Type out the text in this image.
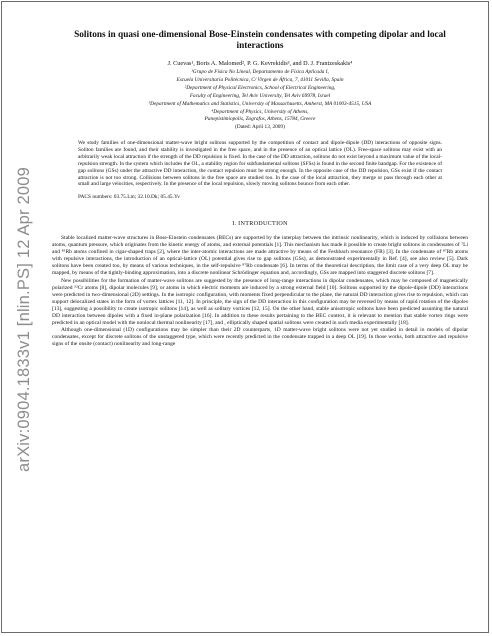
arXiv:0904.1833v1 [nlin.PS] 12 Apr 2009
Solitons in quasi one-dimensional Bose-Einstein condensates with competing dipolar and local interactions
J. Cuevas¹, Boris A. Malomed², P. G. Kevrekidis³, and D. J. Frantzeskakis⁴
¹Grupo de Física No Lineal, Departamento de Física Aplicada I,
Escuela Universitaria Politécnica, C/ Virgen de África, 7, 41011 Sevilla, Spain
²Department of Physical Electronics, School of Electrical Engineering,
Faculty of Engineering, Tel Aviv University, Tel Aviv 69978, Israel
³Department of Mathematics and Statistics, University of Massachusetts, Amherst, MA 01003-4515, USA
⁴Department of Physics, University of Athens,
Panepistimiopolis, Zografos, Athens, 15784, Greece
(Dated: April 13, 2009)
We study families of one-dimensional matter-wave bright solitons supported by the competition of contact and dipole-dipole (DD) interactions of opposite signs. Soliton families are found, and their stability is investigated in the free space, and in the presence of an optical lattice (OL). Free-space solitons may exist with an arbitrarily weak local attraction if the strength of the DD repulsion is fixed. In the case of the DD attraction, solitons do not exist beyond a maximum value of the local-repulsion strength. In the system which includes the OL, a stability region for subfundamental solitons (SFSs) is found in the second finite bandgap. For the existence of gap solitons (GSs) under the attractive DD interaction, the contact repulsion must be strong enough. In the opposite case of the DD repulsion, GSs exist if the contact attraction is not too strong. Collisions between solitons in the free space are studied too. In the case of the local attraction, they merge or pass through each other at small and large velocities, respectively. In the presence of the local repulsion, slowly moving solitons bounce from each other.
PACS numbers: 03.75.Lm; 32.10.Dk; 05.45.Yv
I. INTRODUCTION

Stable localized matter-wave structures in Bose-Einstein condensates (BECs) are supported by the interplay between the intrinsic nonlinearity, which is induced by collisions between atoms, quantum pressure, which originates from the kinetic energy of atoms, and external potentials [1]. This mechanism has made it possible to create bright solitons in condensates of ⁷Li and ⁸⁵Rb atoms confined in cigar-shaped traps [2], where the inter-atomic interactions are made attractive by means of the Feshbach resonance (FR) [3]. In the condensate of ⁸⁷Rb atoms with repulsive interactions, the introduction of an optical-lattice (OL) potential gives rise to gap solitons (GSs), as demonstrated experimentally in Ref. [4], see also review [5]. Dark solitons have been created too, by means of various techniques, in the self-repulsive ⁸⁷Rb condensate [6]. In terms of the theoretical description, the limit case of a very deep OL may be mapped, by means of the tightly-binding approximation, into a discrete nonlinear Schrödinger equation and, accordingly, GSs are mapped into staggered discrete solitons [7].

New possibilities for the formation of matter-wave solitons are suggested by the presence of long-range interactions in dipolar condensates, which may be composed of magnetically polarized ⁵²Cr atoms [8], dipolar molecules [9], or atoms in which electric moments are induced by a strong external field [10]. Solitons supported by the dipole-dipole (DD) interactions were predicted in two-dimensional (2D) settings. In the isotropic configuration, with moments fixed perpendicular to the plane, the natural DD interaction gives rise to repulsion, which can support delocalized states in the form of vortex lattices [11, 12]. In principle, the sign of the DD interaction in this configuration may be reversed by means of rapid rotation of the dipoles [13], suggesting a possibility to create isotropic solitons [14], as well as solitary vortices [12, 15]. On the other hand, stable anisotropic solitons have been predicted assuming the natural DD interaction between dipoles with a fixed in-plane polarization [16]. In addition to these results pertaining to the BEC context, it is relevant to mention that stable vortex rings were predicted in an optical model with the nonlocal thermal nonlinearity [17], and , elliptically shaped spatial solitons were created in such media experimentally [18].

Although one-dimensional (1D) configurations may be simpler than their 2D counterparts, 1D matter-wave bright solitons were not yet studied in detail in models of dipolar condensates, except for discrete solitons of the unstaggered type, which were recently predicted in the condensate trapped in a deep OL [19]. In those works, both attractive and repulsive signs of the onsite (contact) nonlinearity and long-range
